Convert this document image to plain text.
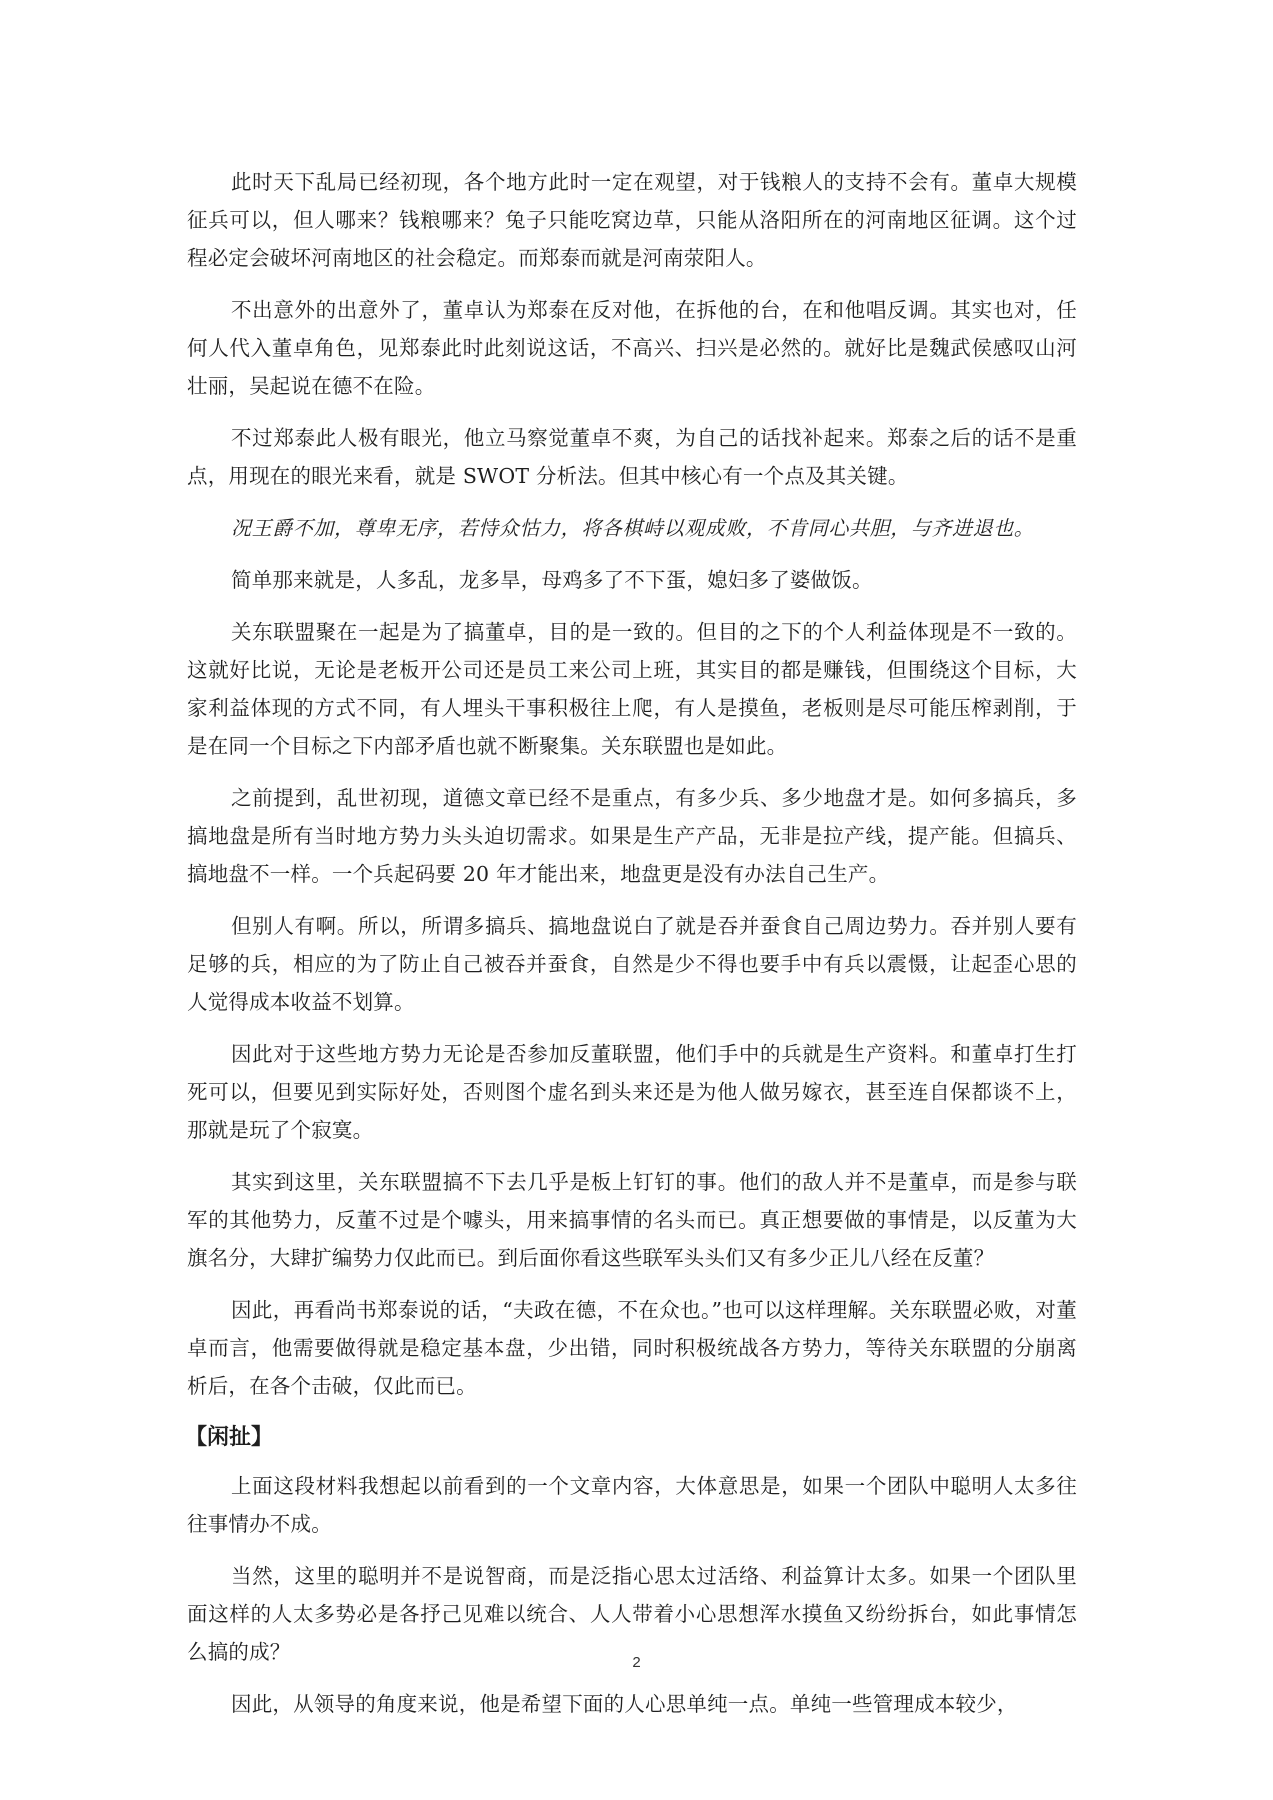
此时天下乱局已经初现，各个地方此时一定在观望，对于钱粮人的支持不会有。董卓大规模征兵可以，但人哪来？钱粮哪来？兔子只能吃窝边草，只能从洛阳所在的河南地区征调。这个过程必定会破坏河南地区的社会稳定。而郑泰而就是河南荥阳人。

不出意外的出意外了，董卓认为郑泰在反对他，在拆他的台，在和他唱反调。其实也对，任何人代入董卓角色，见郑泰此时此刻说这话，不高兴、扫兴是必然的。就好比是魏武侯感叹山河壮丽，吴起说在德不在险。

不过郑泰此人极有眼光，他立马察觉董卓不爽，为自己的话找补起来。郑泰之后的话不是重点，用现在的眼光来看，就是 SWOT 分析法。但其中核心有一个点及其关键。

况王爵不加，尊卑无序，若恃众怙力，将各棋峙以观成败，不肯同心共胆，与齐进退也。

简单那来就是，人多乱，龙多旱，母鸡多了不下蛋，媳妇多了婆做饭。

关东联盟聚在一起是为了搞董卓，目的是一致的。但目的之下的个人利益体现是不一致的。这就好比说，无论是老板开公司还是员工来公司上班，其实目的都是赚钱，但围绕这个目标，大家利益体现的方式不同，有人埋头干事积极往上爬，有人是摸鱼，老板则是尽可能压榨剥削，于是在同一个目标之下内部矛盾也就不断聚集。关东联盟也是如此。

之前提到，乱世初现，道德文章已经不是重点，有多少兵、多少地盘才是。如何多搞兵，多搞地盘是所有当时地方势力头头迫切需求。如果是生产产品，无非是拉产线，提产能。但搞兵、搞地盘不一样。一个兵起码要 20 年才能出来，地盘更是没有办法自己生产。

但别人有啊。所以，所谓多搞兵、搞地盘说白了就是吞并蚕食自己周边势力。吞并别人要有足够的兵，相应的为了防止自己被吞并蚕食，自然是少不得也要手中有兵以震慑，让起歪心思的人觉得成本收益不划算。

因此对于这些地方势力无论是否参加反董联盟，他们手中的兵就是生产资料。和董卓打生打死可以，但要见到实际好处，否则图个虚名到头来还是为他人做另嫁衣，甚至连自保都谈不上，那就是玩了个寂寞。

其实到这里，关东联盟搞不下去几乎是板上钉钉的事。他们的敌人并不是董卓，而是参与联军的其他势力，反董不过是个噱头，用来搞事情的名头而已。真正想要做的事情是，以反董为大旗名分，大肆扩编势力仅此而已。到后面你看这些联军头头们又有多少正儿八经在反董？

因此，再看尚书郑泰说的话，“夫政在德，不在众也。”也可以这样理解。关东联盟必败，对董卓而言，他需要做得就是稳定基本盘，少出错，同时积极统战各方势力，等待关东联盟的分崩离析后，在各个击破，仅此而已。

【闲扯】

上面这段材料我想起以前看到的一个文章内容，大体意思是，如果一个团队中聪明人太多往往事情办不成。

当然，这里的聪明并不是说智商，而是泛指心思太过活络、利益算计太多。如果一个团队里面这样的人太多势必是各抒己见难以统合、人人带着小心思想浑水摸鱼又纷纷拆台，如此事情怎么搞的成？

因此，从领导的角度来说，他是希望下面的人心思单纯一点。单纯一些管理成本较少，

2
